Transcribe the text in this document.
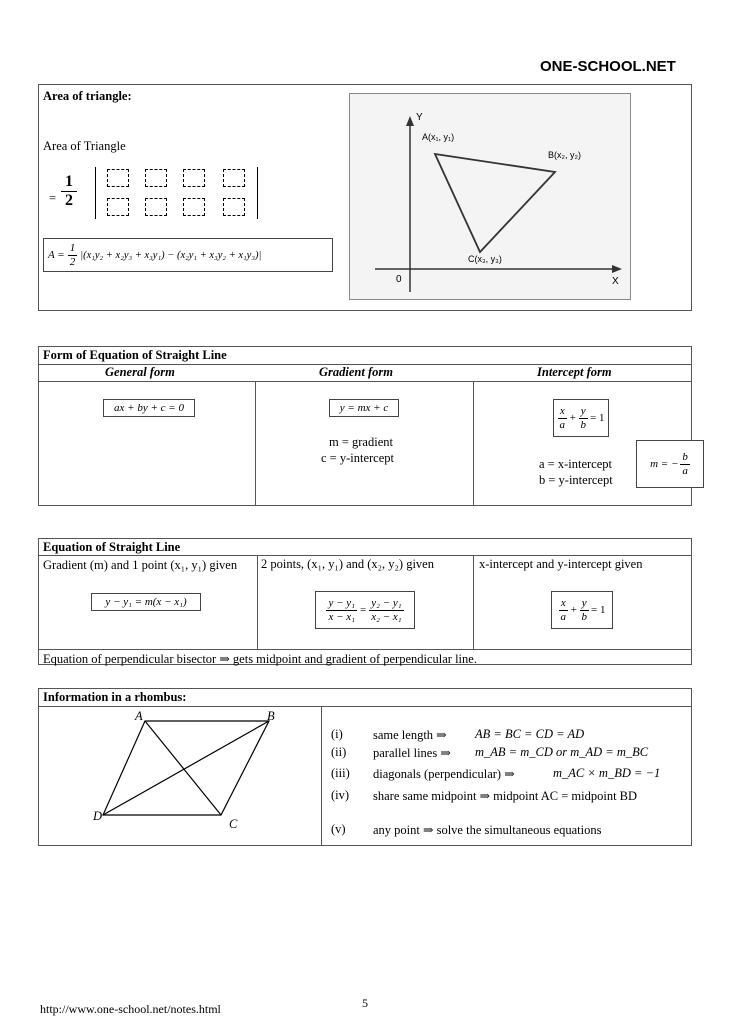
ONE-SCHOOL.NET
Area of triangle:
Area of Triangle
= $\frac{1}{2}$
$A = \frac{1}{2} |(x_1y_2 + x_2y_3 + x_3y_1) - (x_2y_1 + x_3y_2 + x_1y_3)|$
Y
X
0
A(x₁, y₁)
B(x₂, y₂)
C(x₃, y₃)
Form of Equation of Straight Line
General form	Gradient form	Intercept form
ax + by + c = 0	y = mx + c
m = gradient
c = y-intercept
$\frac{x}{a} + \frac{y}{b} = 1$
a = x-intercept
b = y-intercept
m = − $\frac{b}{a}$
Equation of Straight Line
Gradient (m) and 1 point (x₁, y₁) given	2 points, (x₁, y₁) and (x₂, y₂) given	x-intercept and y-intercept given
y − y₁ = m(x − x₁)	$\frac{\text{y − y₁}}{\text{x − x₁}} = \frac{\text{y₂ − y₁}}{\text{x₂ − x₁}}$	$\frac{x}{a} + \frac{y}{b} = 1$
Equation of perpendicular bisector ⇒ gets midpoint and gradient of perpendicular line.
Information in a rhombus:
A	B
C
D
(i) same length ⇒ AB = BC = CD = AD
(ii) parallel lines ⇒ m_AB = m_CD or m_AD = m_BC
(iii) diagonals (perpendicular) ⇒	m_AC × m_BD = −1
(iv) share same midpoint ⇒ midpoint AC = midpoint BD
(v) any point ⇒ solve the simultaneous equations
http://www.one-school.net/notes.html	5
